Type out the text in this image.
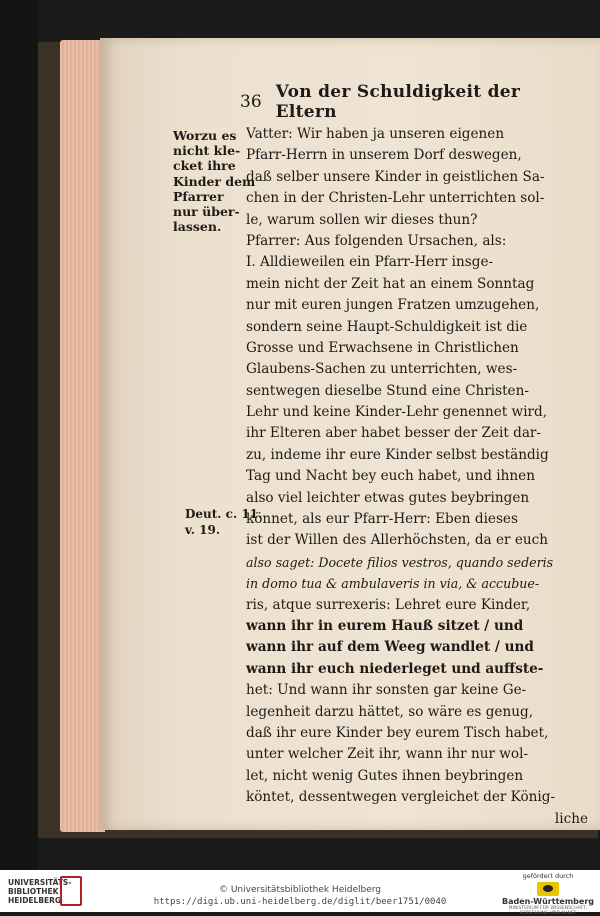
36 Von der Schuldigkeit der Eltern
Worzu es
nicht kle-
cket ihre
Kinder dem
Pfarrer
nur über-
lassen.
Deut. c. 11.
v. 19.
Vatter: Wir haben ja unseren eigenen
Pfarr-Herrn in unserem Dorf deswegen,
daß selber unsere Kinder in geistlichen Sa-
chen in der Christen-Lehr unterrichten sol-
le, warum sollen wir dieses thun?
Pfarrer: Aus folgenden Ursachen, als:
I. Alldieweilen ein Pfarr-Herr insge-
mein nicht der Zeit hat an einem Sonntag
nur mit euren jungen Fratzen umzugehen,
sondern seine Haupt-Schuldigkeit ist die
Grosse und Erwachsene in Christlichen
Glaubens-Sachen zu unterrichten, wes-
sentwegen dieselbe Stund eine Christen-
Lehr und keine Kinder-Lehr genennet wird,
ihr Elteren aber habet besser der Zeit dar-
zu, indeme ihr eure Kinder selbst beständig
Tag und Nacht bey euch habet, und ihnen
also viel leichter etwas gutes beybringen
könnet, als eur Pfarr-Herr: Eben dieses
ist der Willen des Allerhöchsten, da er euch
also saget: Docete filios vestros, quando sederis
in domo tua & ambulaveris in via, & accubue-
ris, atque surrexeris: Lehret eure Kinder,
wann ihr in eurem Hauß sitzet / und
wann ihr auf dem Weeg wandlet / und
wann ihr euch niederleget und auffste-
het: Und wann ihr sonsten gar keine Ge-
legenheit darzu hättet, so wäre es genug,
daß ihr eure Kinder bey eurem Tisch habet,
unter welcher Zeit ihr, wann ihr nur wol-
let, nicht wenig Gutes ihnen beybringen
köntet, dessentwegen vergleichet der König-
liche
UNIVERSITÄTS-
BIBLIOTHEK
HEIDELBERG
© Universitätsbibliothek Heidelberg
https://digi.ub.uni-heidelberg.de/diglit/beer1751/0040
gefördert durch
Baden-Württemberg
MINISTERIUM FÜR WISSENSCHAFT, FORSCHUNG UND KUNST
